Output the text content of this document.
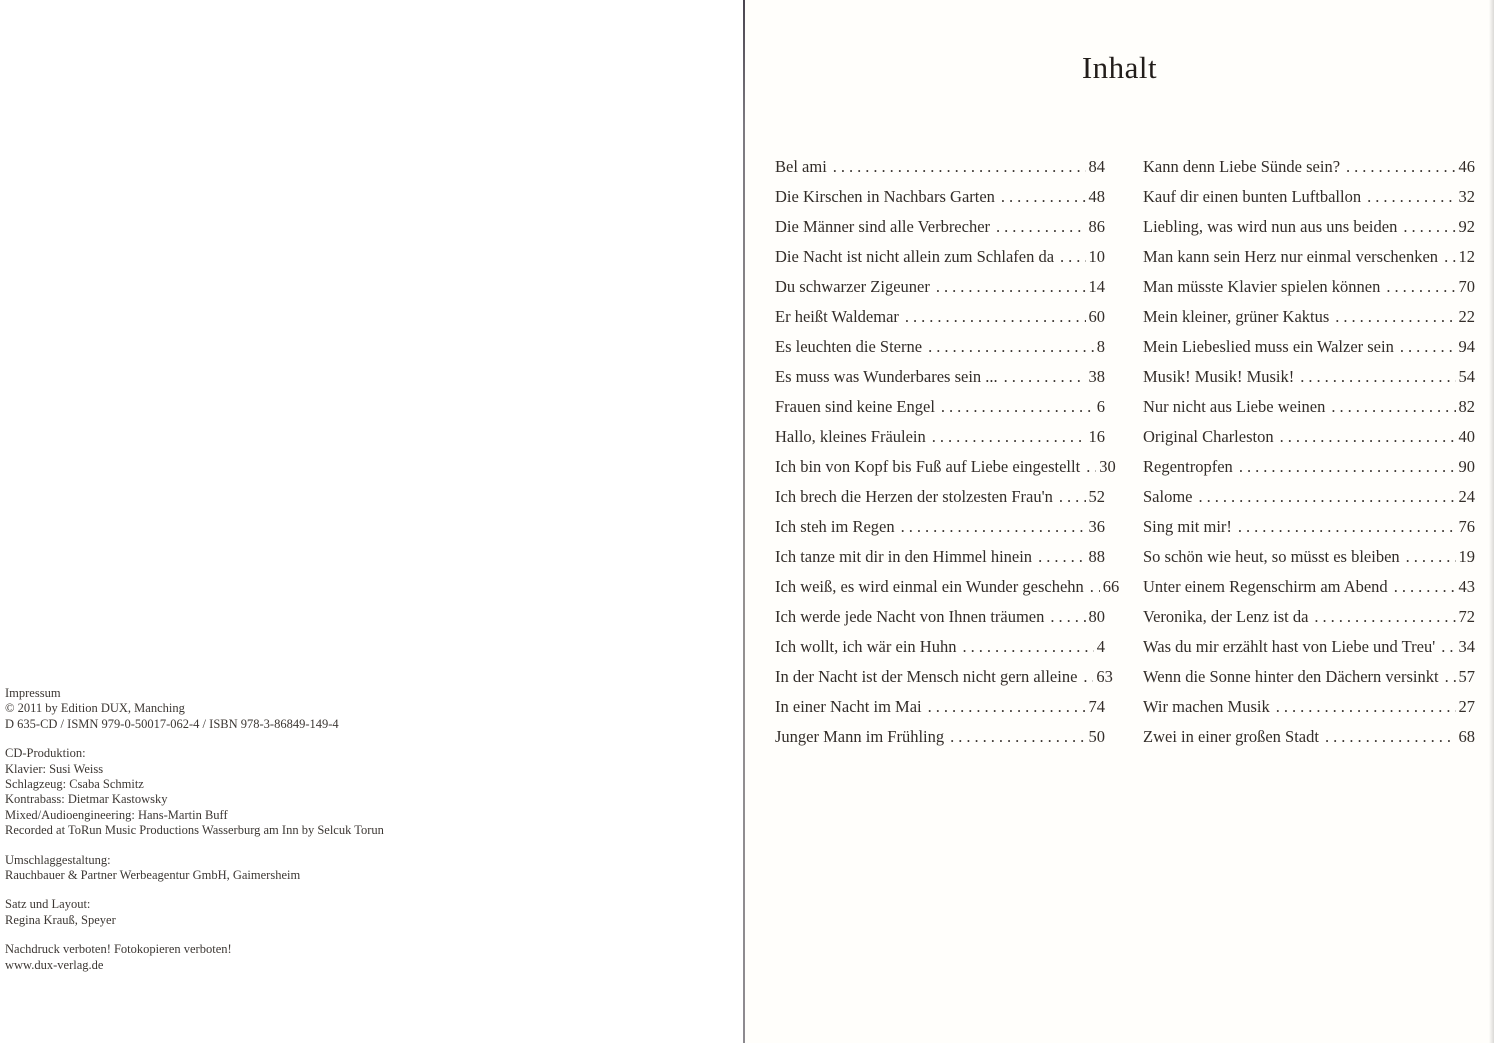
Impressum
© 2011 by Edition DUX, Manching
D 635-CD / ISMN 979-0-50017-062-4 / ISBN 978-3-86849-149-4

CD-Produktion:
Klavier: Susi Weiss
Schlagzeug: Csaba Schmitz
Kontrabass: Dietmar Kastowsky
Mixed/Audioengineering: Hans-Martin Buff
Recorded at ToRun Music Productions Wasserburg am Inn by Selcuk Torun

Umschlaggestaltung:
Rauchbauer & Partner Werbeagentur GmbH, Gaimersheim

Satz und Layout:
Regina Krauß, Speyer

Nachdruck verboten! Fotokopieren verboten!
www.dux-verlag.de

Inhalt
Bel ami .....	84
Die Kirschen in Nachbars Garten .....	48
Die Männer sind alle Verbrecher .....	86
Die Nacht ist nicht allein zum Schlafen da ..... 10
Du schwarzer Zigeuner .....	14
Er heißt Waldemar .....	60
Es leuchten die Sterne .....	8
Es muss was Wunderbares sein ... .....	38
Frauen sind keine Engel .....	6
Hallo, kleines Fräulein .....	16
Ich bin von Kopf bis Fuß auf Liebe eingestellt ..... 30
Ich brech die Herzen der stolzesten Frau'n ..... 52
Ich steh im Regen .....	36
Ich tanze mit dir in den Himmel hinein .....	88
Ich weiß, es wird einmal ein Wunder geschehn ..... 66
Ich werde jede Nacht von Ihnen träumen .....	80
Ich wollt, ich wär ein Huhn .....	4
In der Nacht ist der Mensch nicht gern alleine ..... 63
In einer Nacht im Mai .....	74
Junger Mann im Frühling .....	50
Kann denn Liebe Sünde sein? .....	46
Kauf dir einen bunten Luftballon .....	32
Liebling, was wird nun aus uns beiden .....	92
Man kann sein Herz nur einmal verschenken ..... 12
Man müsste Klavier spielen können .....	70
Mein kleiner, grüner Kaktus .....	22
Mein Liebeslied muss ein Walzer sein .....	94
Musik! Musik! Musik! .....	54
Nur nicht aus Liebe weinen .....	82
Original Charleston .....	40
Regentropfen .....	90
Salome .....	24
Sing mit mir! .....	76
So schön wie heut, so müsst es bleiben .....	19
Unter einem Regenschirm am Abend .....	43
Veronika, der Lenz ist da .....	72
Was du mir erzählt hast von Liebe und Treu' ..... 34
Wenn die Sonne hinter den Dächern versinkt ..... 57
Wir machen Musik .....	27
Zwei in einer großen Stadt .....	68
